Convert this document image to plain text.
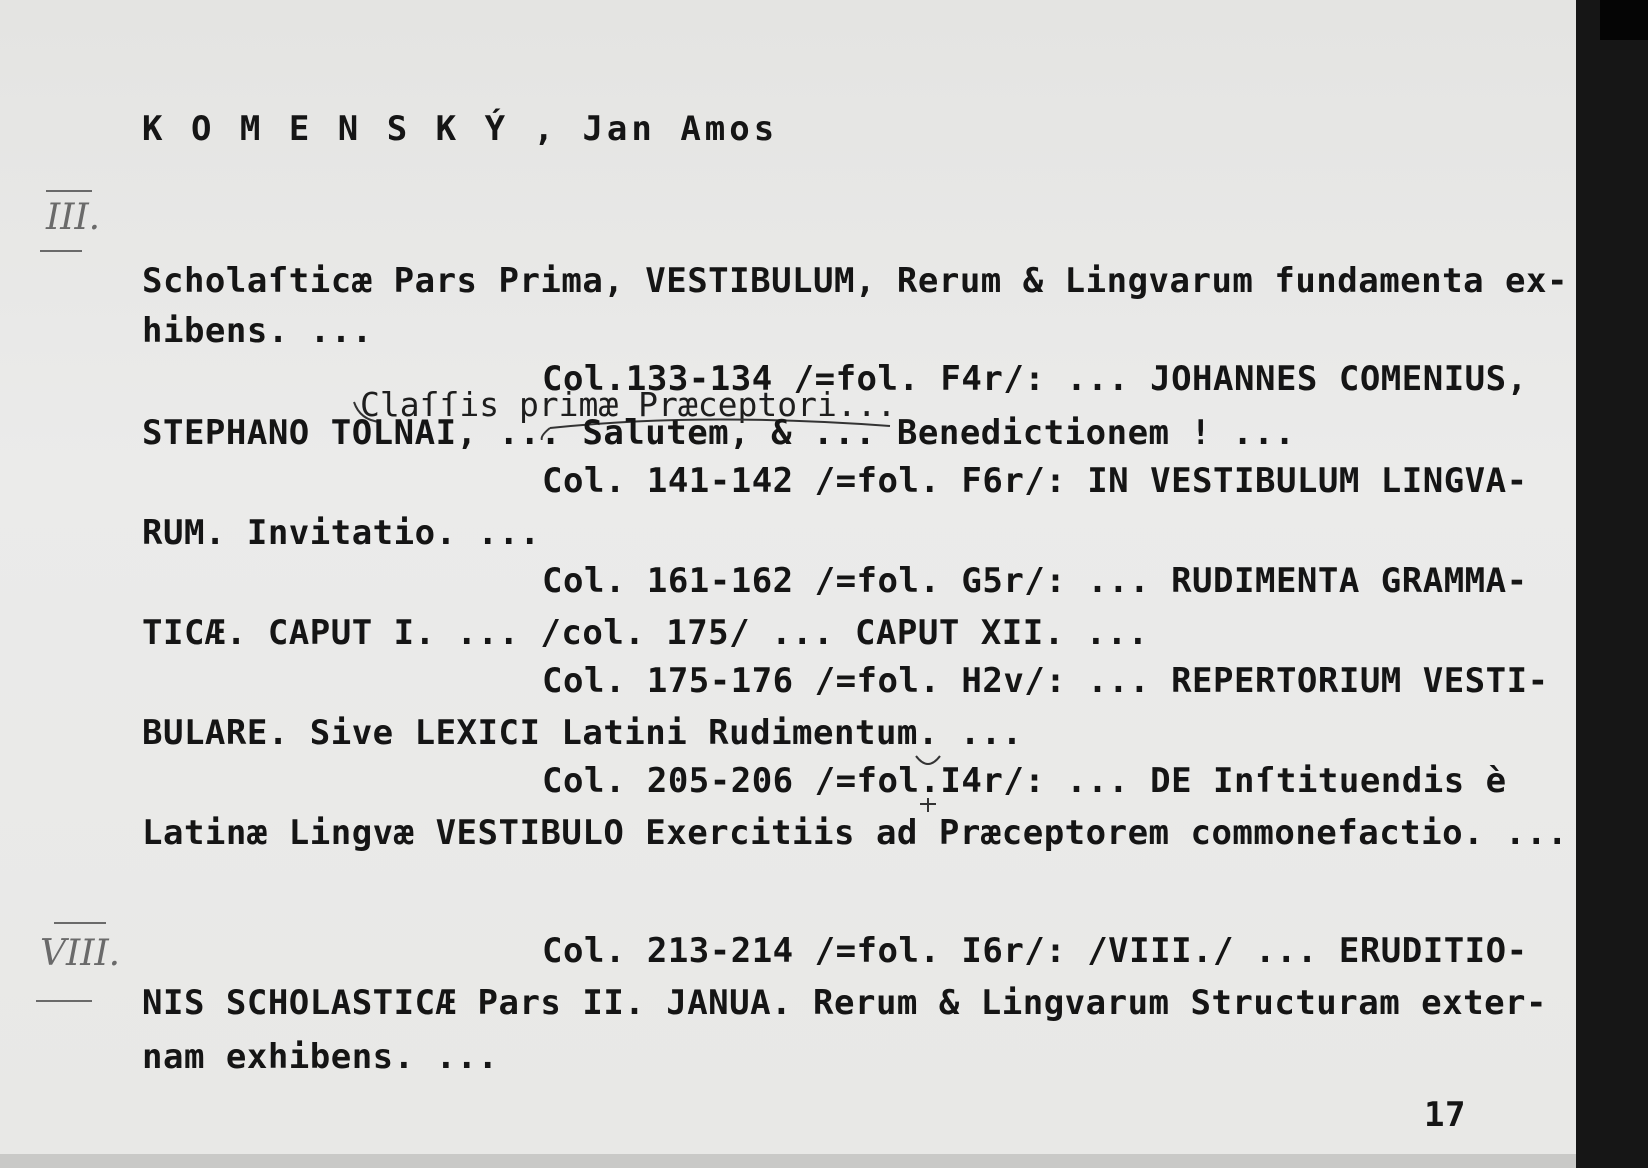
K O M E N S K Ý , Jan Amos
III.
Scholaſticæ Pars Prima, VESTIBULUM, Rerum & Lingvarum fundamenta ex-
hibens. ...
Col.133-134 /=fol. F4r/: ... JOHANNES COMENIUS,
Claſſis primæ Præceptori...
STEPHANO TOLNAI, ... Salutem, & ... Benedictionem ! ...
Col. 141-142 /=fol. F6r/: IN VESTIBULUM LINGVA-
RUM. Invitatio. ...
Col. 161-162 /=fol. G5r/: ... RUDIMENTA GRAMMA-
TICÆ. CAPUT I. ... /col. 175/ ... CAPUT XII. ...
Col. 175-176 /=fol. H2v/: ... REPERTORIUM VESTI-
BULARE. Sive LEXICI Latini Rudimentum. ...
Col. 205-206 /=fol.I4r/: ... DE Inſtituendis è
Latinæ Lingvæ VESTIBULO Exercitiis ad Præceptorem commonefactio. ...
VIII.	Col. 213-214 /=fol. I6r/: /VIII./ ... ERUDITIO-
NIS SCHOLASTICÆ Pars II. JANUA. Rerum & Lingvarum Structuram exter-
nam exhibens. ...
17
